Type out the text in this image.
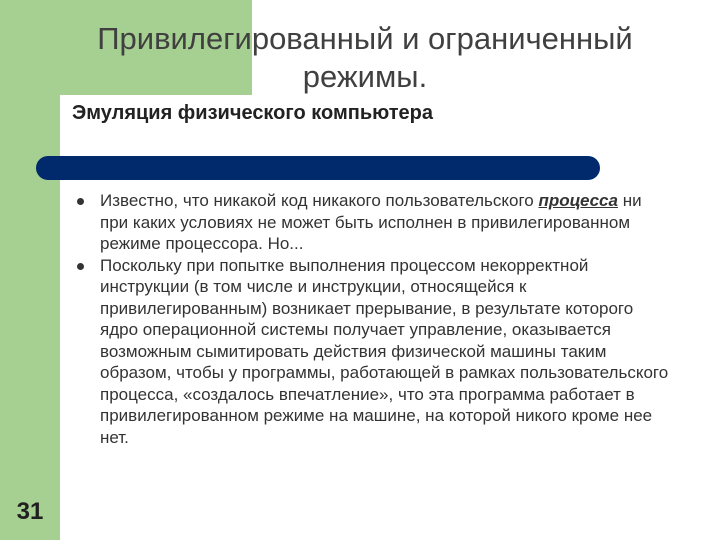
Привилегированный и ограниченный режимы.
Эмуляция физического компьютера
Известно, что никакой код никакого пользовательского процесса ни при каких условиях не может быть исполнен в привилегированном режиме процессора. Но...
Поскольку при попытке выполнения процессом некорректной инструкции (в том числе и инструкции, относящейся к привилегированным) возникает прерывание, в результате которого ядро операционной системы получает управление, оказывается возможным сымитировать действия физической машины таким образом, чтобы у программы, работающей в рамках пользовательского процесса, «создалось впечатление», что эта программа работает в привилегированном режиме на машине, на которой никого кроме нее нет.
31
